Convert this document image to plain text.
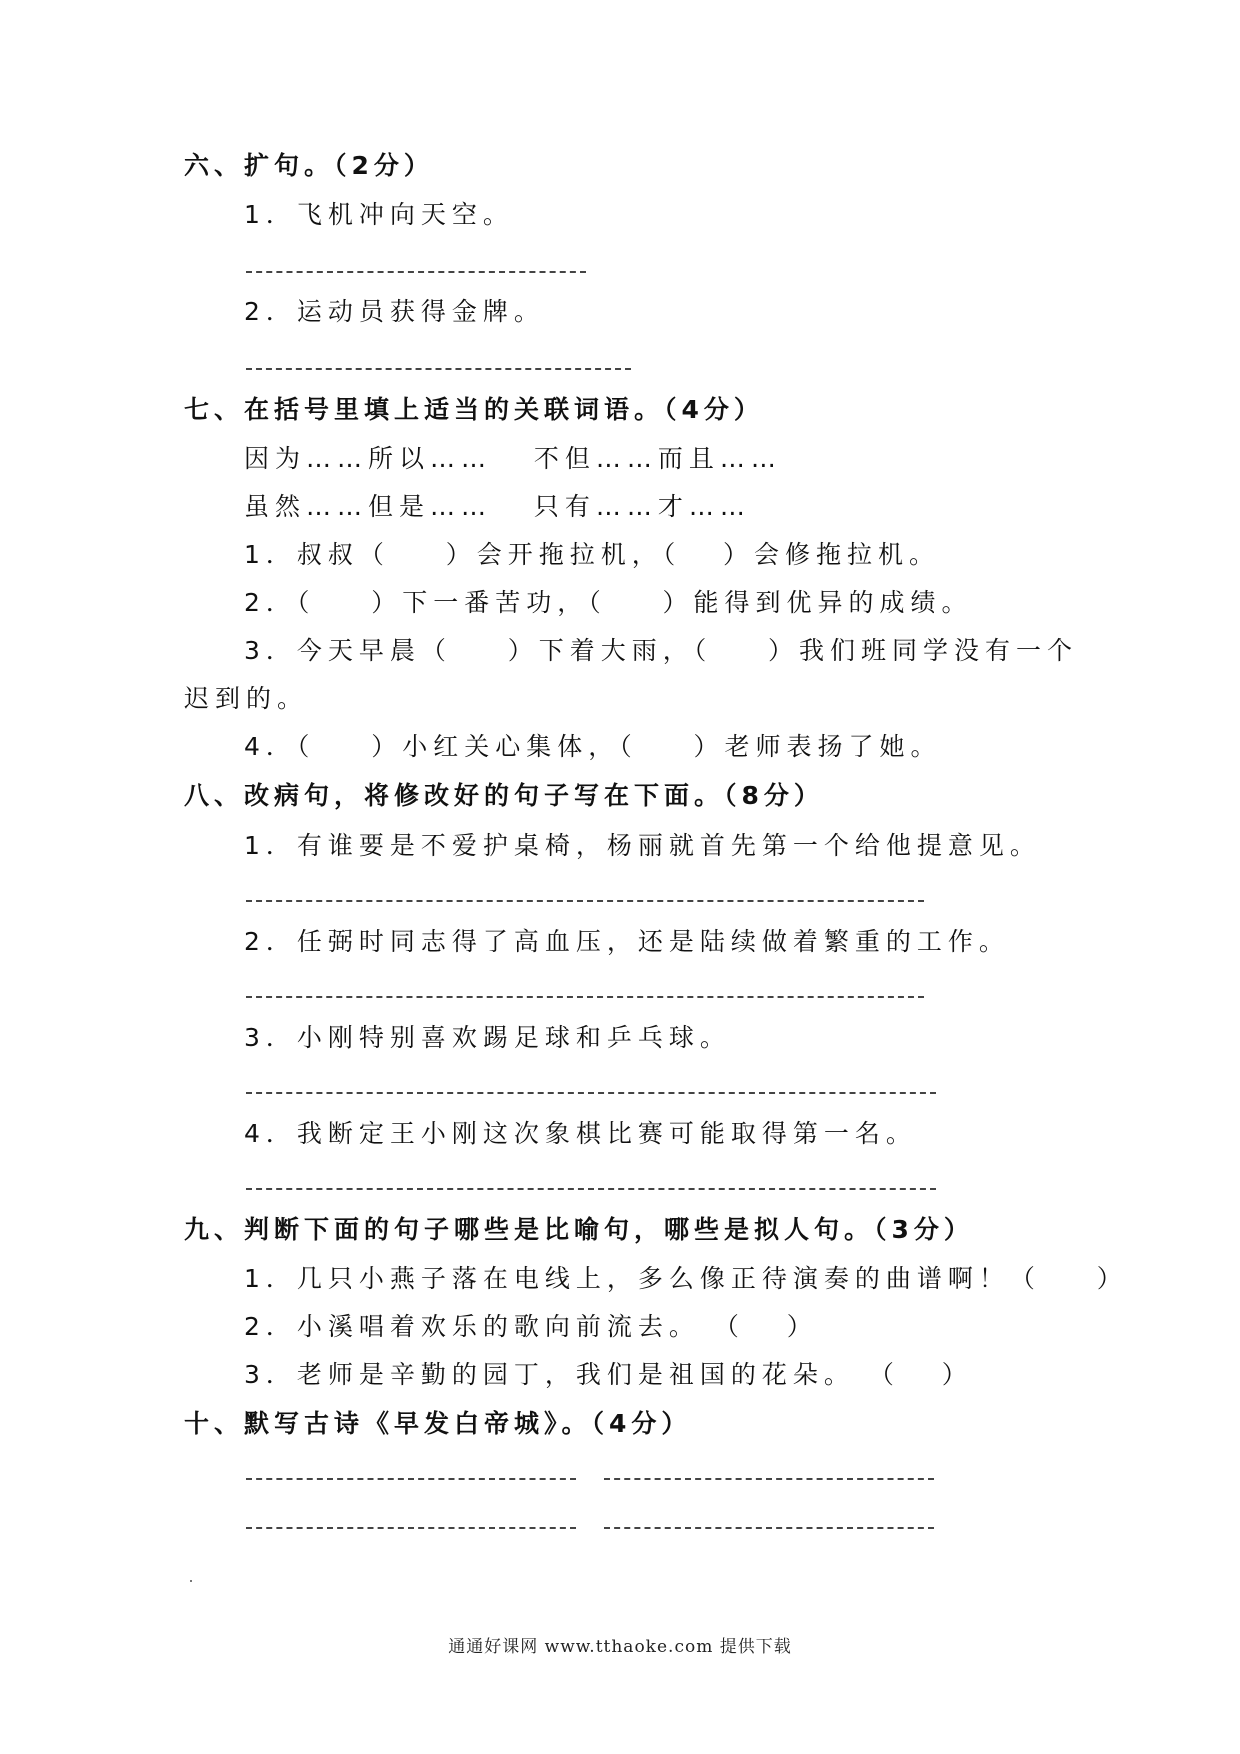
六、扩句。（2分）
1．飞机冲向天空。
2．运动员获得金牌。
七、在括号里填上适当的关联词语。（4分）
因为……所以……   不但……而且……
虽然……但是……   只有……才……
1．叔叔（    ）会开拖拉机，（   ）会修拖拉机。
2．（    ）下一番苦功，（    ）能得到优异的成绩。
3．今天早晨（    ）下着大雨，（    ）我们班同学没有一个
迟到的。
4．（    ）小红关心集体，（    ）老师表扬了她。
八、改病句，将修改好的句子写在下面。（8分）
1．有谁要是不爱护桌椅，杨丽就首先第一个给他提意见。
2．任弼时同志得了高血压，还是陆续做着繁重的工作。
3．小刚特别喜欢踢足球和乒乓球。
4．我断定王小刚这次象棋比赛可能取得第一名。
九、判断下面的句子哪些是比喻句，哪些是拟人句。（3分）
1．几只小燕子落在电线上，多么像正待演奏的曲谱啊！（    ）
2．小溪唱着欢乐的歌向前流去。 （   ）
3．老师是辛勤的园丁，我们是祖国的花朵。 （   ）
十、默写古诗《早发白帝城》。（4分）
通通好课网 www.tthaoke.com 提供下载
